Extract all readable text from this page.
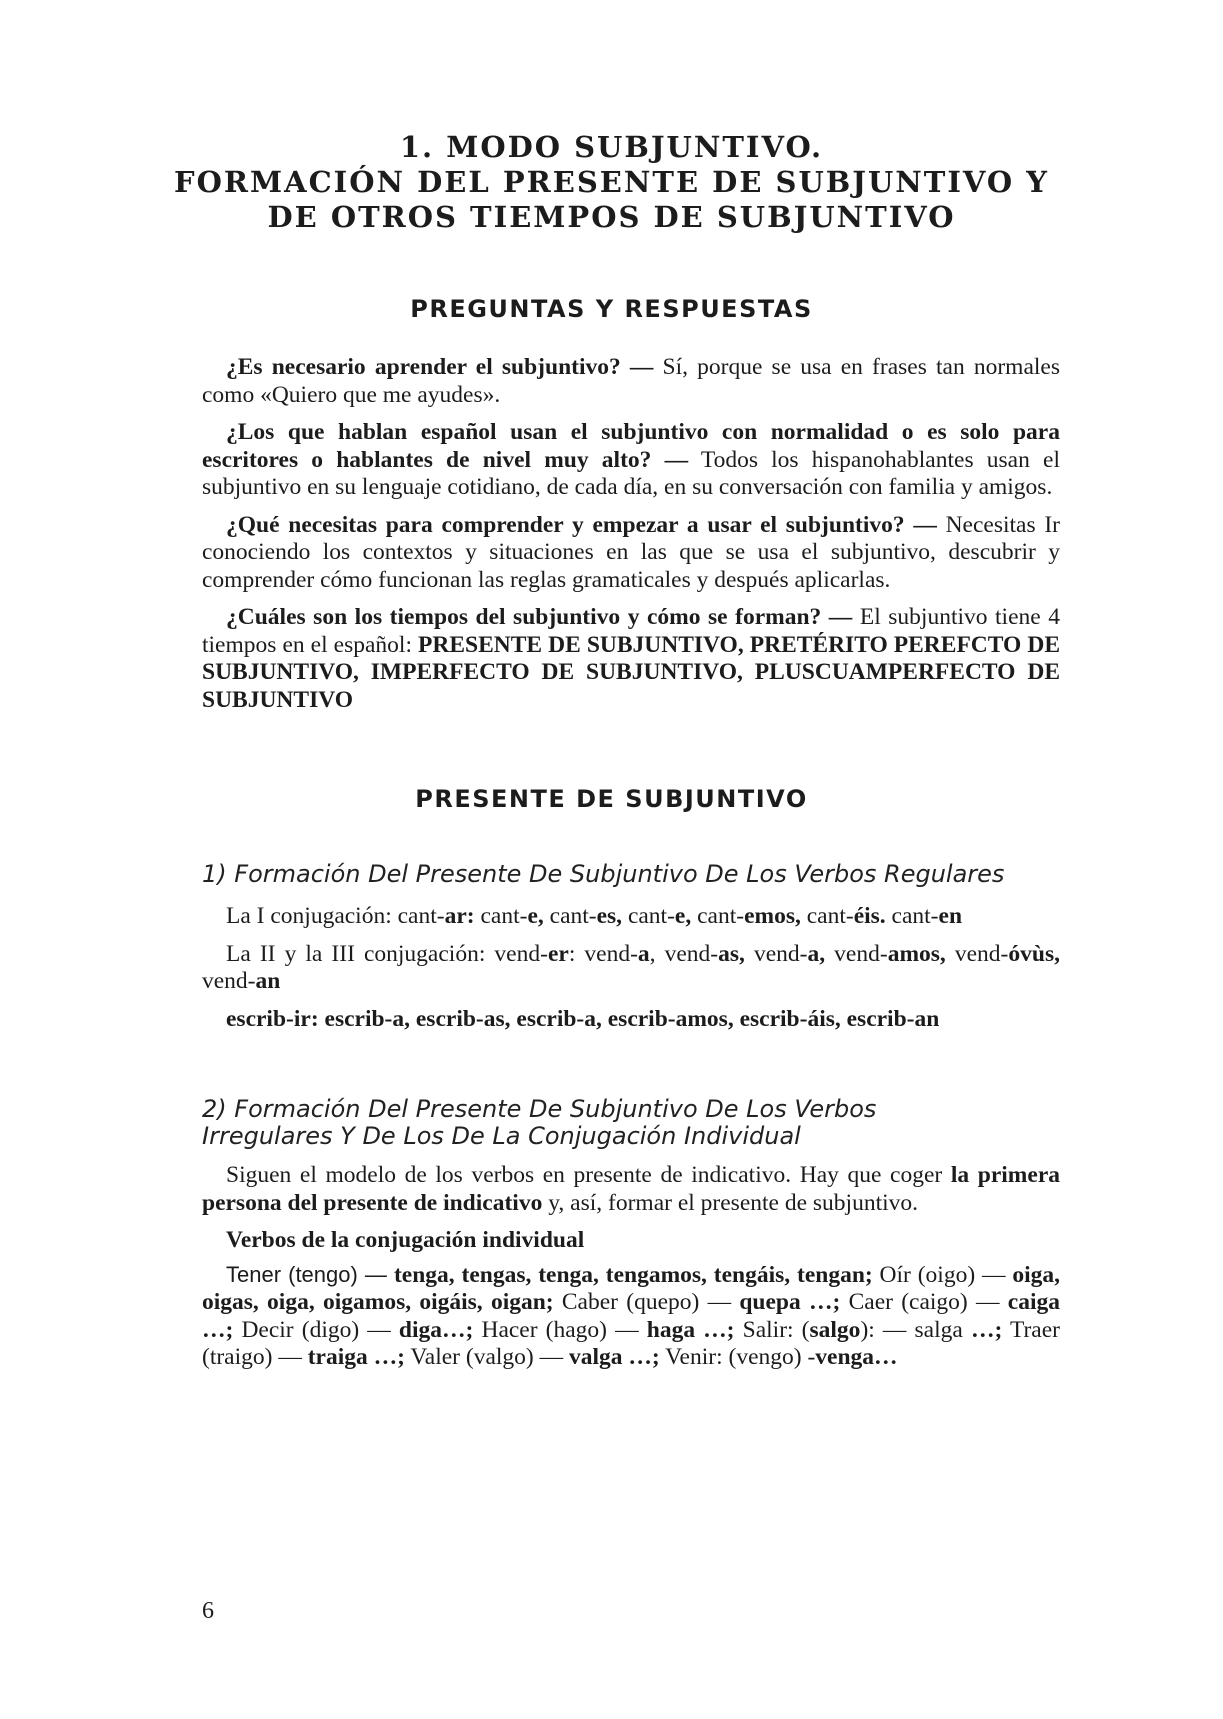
1. MODO SUBJUNTIVO.
FORMACIÓN DEL PRESENTE DE SUBJUNTIVO Y
DE OTROS TIEMPOS DE SUBJUNTIVO
PREGUNTAS Y RESPUESTAS

¿Es necesario aprender el subjuntivo? — Sí, porque se usa en frases tan normales como «Quiero que me ayudes».

¿Los que hablan español usan el subjuntivo con normalidad o es solo para escritores o hablantes de nivel muy alto? — Todos los hispanohablantes usan el subjuntivo en su lenguaje cotidiano, de cada día, en su conversación con familia y amigos.

¿Qué necesitas para comprender y empezar a usar el subjuntivo? — Necesitas Ir conociendo los contextos y situaciones en las que se usa el subjuntivo, descubrir y comprender cómo funcionan las reglas gramaticales y después aplicarlas.

¿Cuáles son los tiempos del subjuntivo y cómo se forman? — El subjuntivo tiene 4 tiempos en el español: PRESENTE DE SUBJUNTIVO, PRETÉRITO PEREFCTO DE SUBJUNTIVO, IMPERFECTO DE SUBJUNTIVO, PLUSCUAMPERFECTO DE SUBJUNTIVO

PRESENTE DE SUBJUNTIVO

1) Formación Del Presente De Subjuntivo De Los Verbos Regulares

La I conjugación: cant-ar: cant-e, cant-es, cant-e, cant-emos, cant-éis. cant-en

La II y la III conjugación: vend-er: vend-a, vend-as, vend-a, vend-amos, vend-óvùs, vend-an

escrib-ir: escrib-a, escrib-as, escrib-a, escrib-amos, escrib-áis, escrib-an

2) Formación Del Presente De Subjuntivo De Los Verbos Irregulares Y De Los De La Conjugación Individual

Siguen el modelo de los verbos en presente de indicativo. Hay que coger la primera persona del presente de indicativo y, así, formar el presente de subjuntivo.

Verbos de la conjugación individual

Tener (tengo) — tenga, tengas, tenga, tengamos, tengáis, tengan; Oír (oigo) — oiga, oigas, oiga, oigamos, oigáis, oigan; Caber (quepo) — quepa …; Caer (caigo) — caiga …; Decir (digo) — diga…; Hacer (hago) — haga …; Salir: (salgo): — salga …; Traer (traigo) — traiga …; Valer (valgo) — valga …; Venir: (vengo) -venga…

6
